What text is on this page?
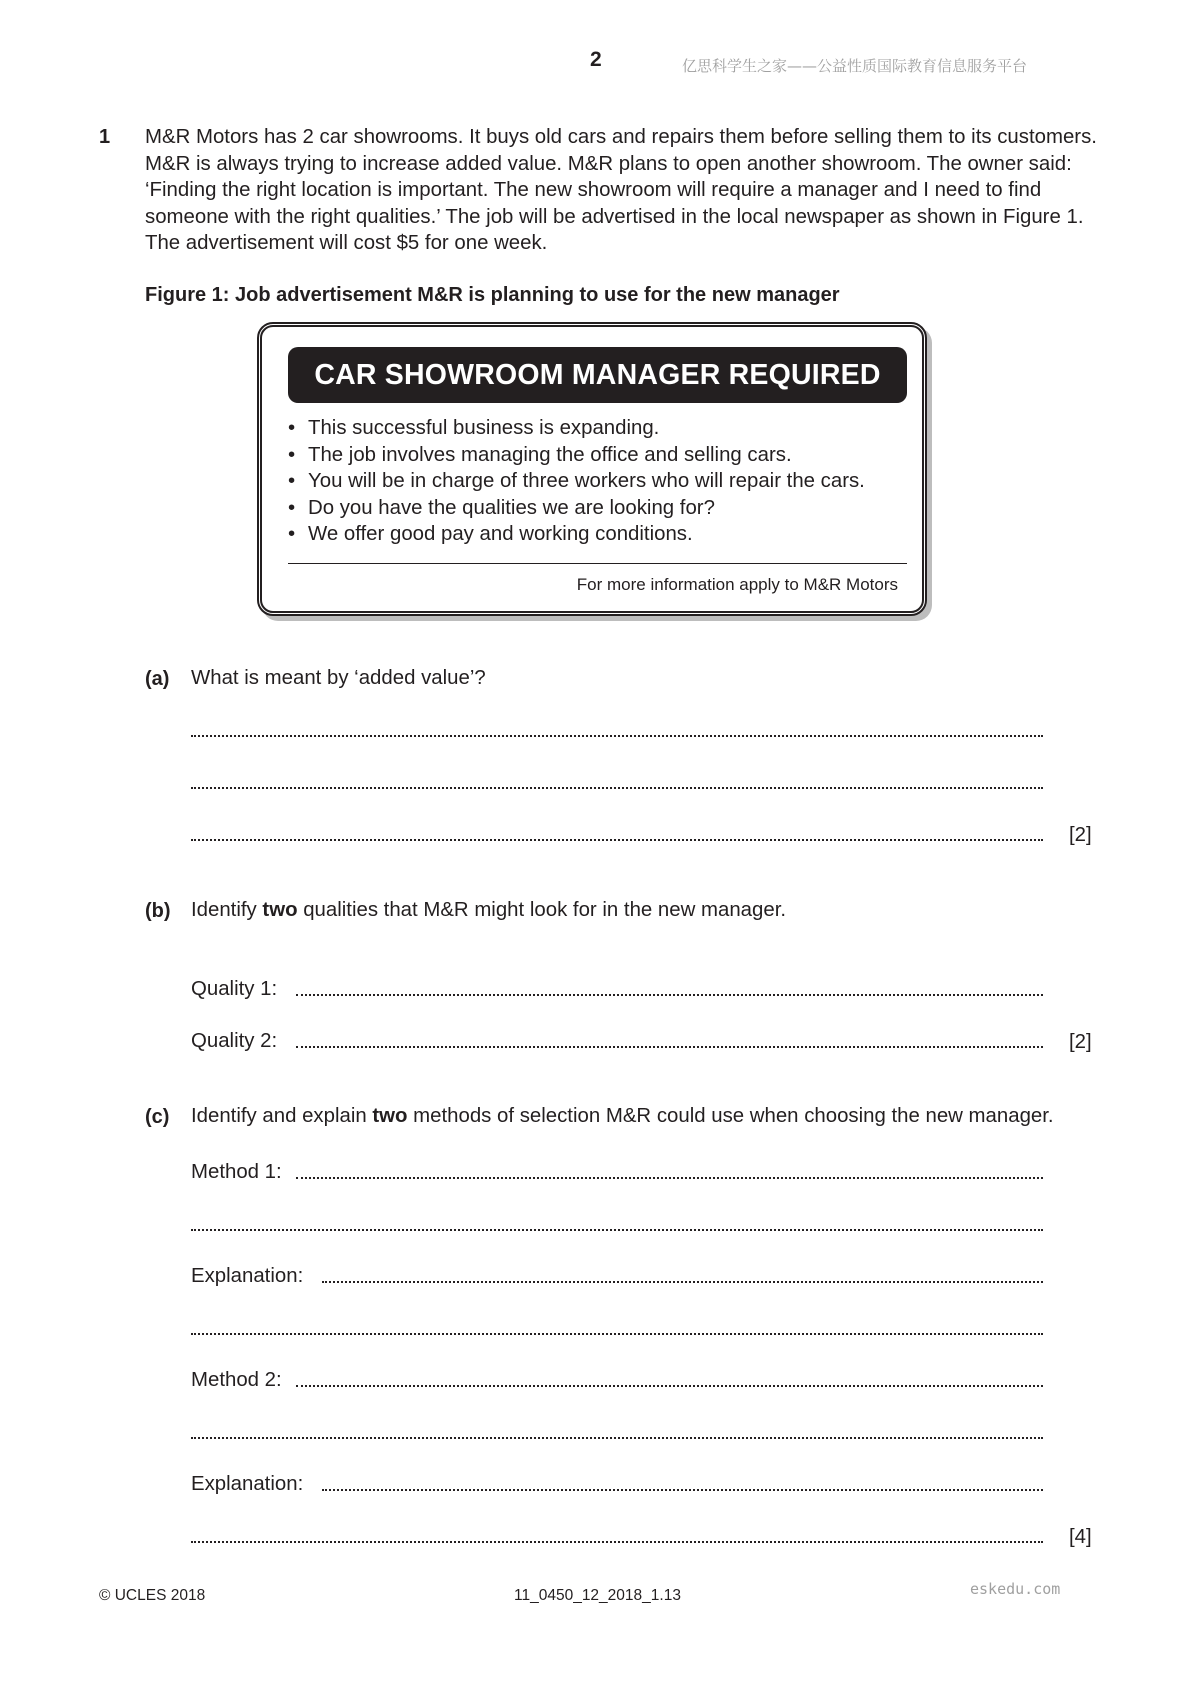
2	亿思科学生之家——公益性质国际教育信息服务平台
1 M&R Motors has 2 car showrooms. It buys old cars and repairs them before selling them to its customers. M&R is always trying to increase added value. M&R plans to open another showroom. The owner said: ‘Finding the right location is important. The new showroom will require a manager and I need to find someone with the right qualities.’ The job will be advertised in the local newspaper as shown in Figure 1. The advertisement will cost $5 for one week.
Figure 1: Job advertisement M&R is planning to use for the new manager
CAR SHOWROOM MANAGER REQUIRED
• This successful business is expanding.
• The job involves managing the office and selling cars.
• You will be in charge of three workers who will repair the cars.
• Do you have the qualities we are looking for?
• We offer good pay and working conditions.
For more information apply to M&R Motors
(a) What is meant by ‘added value’?
[2]
(b) Identify two qualities that M&R might look for in the new manager.
Quality 1:
Quality 2:	[2]
(c) Identify and explain two methods of selection M&R could use when choosing the new manager.
Method 1:
Explanation:
Method 2:
Explanation:
[4]
© UCLES 2018	11_0450_12_2018_1.13	eskedu.com
